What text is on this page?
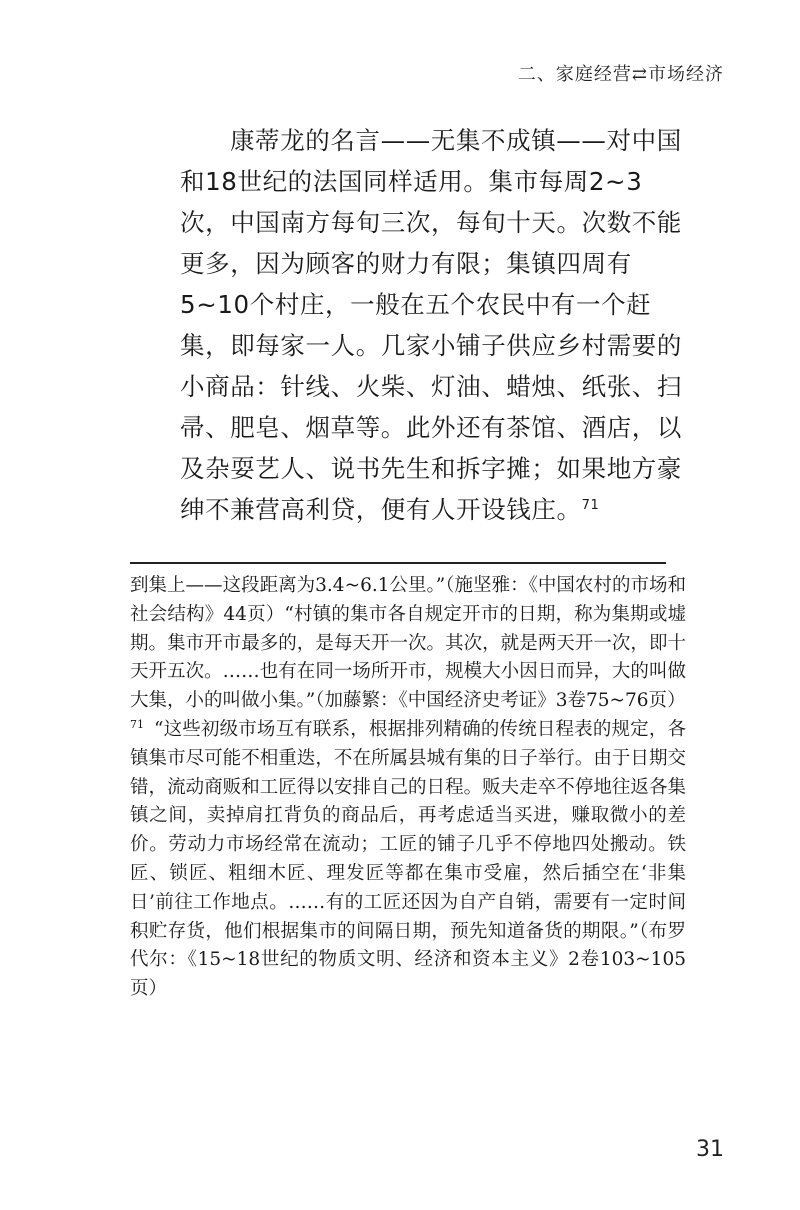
二、家庭经营⇄市场经济

康蒂龙的名言——无集不成镇——对中国和18世纪的法国同样适用。集市每周2~3次，中国南方每旬三次，每旬十天。次数不能更多，因为顾客的财力有限；集镇四周有5~10个村庄，一般在五个农民中有一个赶集，即每家一人。几家小铺子供应乡村需要的小商品：针线、火柴、灯油、蜡烛、纸张、扫帚、肥皂、烟草等。此外还有茶馆、酒店，以及杂耍艺人、说书先生和拆字摊；如果地方豪绅不兼营高利贷，便有人开设钱庄。$^{71}$

到集上——这段距离为3.4~6.1公里。”（施坚雅：《中国农村的市场和社会结构》44页）“村镇的集市各自规定开市的日期，称为集期或墟期。集市开市最多的，是每天开一次。其次，就是两天开一次，即十天开五次。……也有在同一场所开市，规模大小因日而异，大的叫做大集，小的叫做小集。”（加藤繁：《中国经济史考证》3卷75~76页）

$^{71}$ “这些初级市场互有联系，根据排列精确的传统日程表的规定，各镇集市尽可能不相重迭，不在所属县城有集的日子举行。由于日期交错，流动商贩和工匠得以安排自己的日程。贩夫走卒不停地往返各集镇之间，卖掉肩扛背负的商品后，再考虑适当买进，赚取微小的差价。劳动力市场经常在流动；工匠的铺子几乎不停地四处搬动。铁匠、锁匠、粗细木匠、理发匠等都在集市受雇，然后插空在‘非集日’前往工作地点。……有的工匠还因为自产自销，需要有一定时间积贮存货，他们根据集市的间隔日期，预先知道备货的期限。”（布罗代尔：《15~18世纪的物质文明、经济和资本主义》2卷103~105页）

31
